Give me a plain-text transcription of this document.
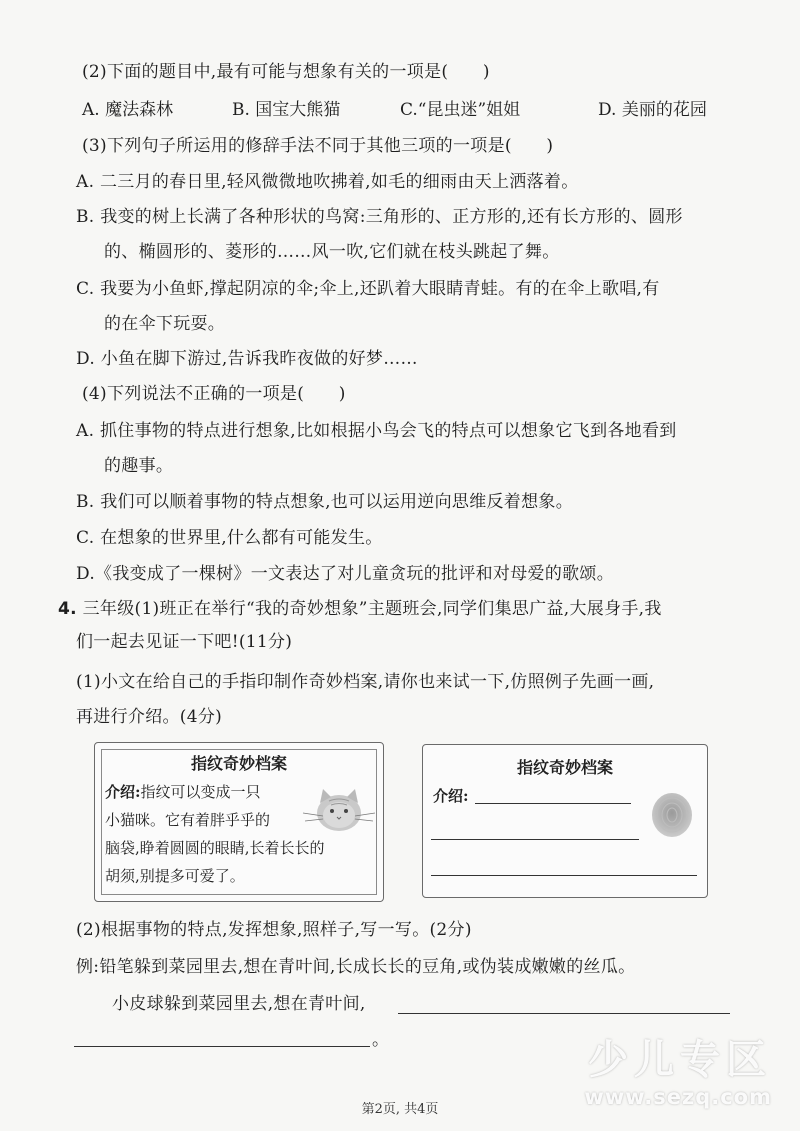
(2)下面的题目中,最有可能与想象有关的一项是(　　)
A. 魔法森林	B. 国宝大熊猫	C.“昆虫迷”姐姐	D. 美丽的花园
(3)下列句子所运用的修辞手法不同于其他三项的一项是(　　)
A. 二三月的春日里,轻风微微地吹拂着,如毛的细雨由天上洒落着。
B. 我变的树上长满了各种形状的鸟窝:三角形的、正方形的,还有长方形的、圆形
的、椭圆形的、菱形的……风一吹,它们就在枝头跳起了舞。
C. 我要为小鱼虾,撑起阴凉的伞;伞上,还趴着大眼睛青蛙。有的在伞上歌唱,有
的在伞下玩耍。
D. 小鱼在脚下游过,告诉我昨夜做的好梦……
(4)下列说法不正确的一项是(　　)
A. 抓住事物的特点进行想象,比如根据小鸟会飞的特点可以想象它飞到各地看到
的趣事。
B. 我们可以顺着事物的特点想象,也可以运用逆向思维反着想象。
C. 在想象的世界里,什么都有可能发生。
D.《我变成了一棵树》一文表达了对儿童贪玩的批评和对母爱的歌颂。
4. 三年级(1)班正在举行“我的奇妙想象”主题班会,同学们集思广益,大展身手,我
们一起去见证一下吧!(11分)
(1)小文在给自己的手指印制作奇妙档案,请你也来试一下,仿照例子先画一画,
再进行介绍。(4分)
指纹奇妙档案
介绍:指纹可以变成一只
小猫咪。它有着胖乎乎的
脑袋,睁着圆圆的眼睛,长着长长的
胡须,别提多可爱了。
指纹奇妙档案
介绍:
(2)根据事物的特点,发挥想象,照样子,写一写。(2分)
例:铅笔躲到菜园里去,想在青叶间,长成长长的豆角,或伪装成嫩嫩的丝瓜。
小皮球躲到菜园里去,想在青叶间,
。	少儿专区
www.sezq.com
第2页, 共4页
